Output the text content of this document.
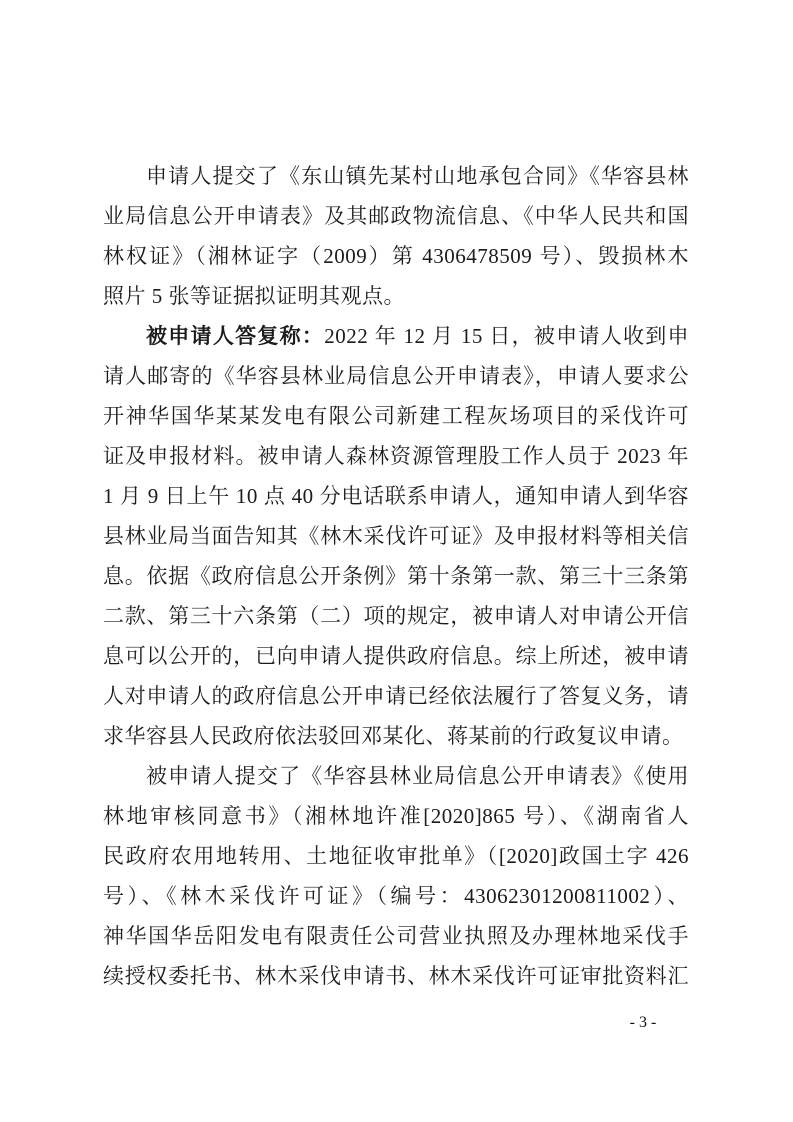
申请人提交了《东山镇先某村山地承包合同》《华容县林
业局信息公开申请表》及其邮政物流信息、《中华人民共和国
林权证》（湘林证字（2009）第 4306478509 号）、毁损林木
照片 5 张等证据拟证明其观点。
被申请人答复称：2022 年 12 月 15 日，被申请人收到申
请人邮寄的《华容县林业局信息公开申请表》，申请人要求公
开神华国华某某发电有限公司新建工程灰场项目的采伐许可
证及申报材料。被申请人森林资源管理股工作人员于 2023 年
1 月 9 日上午 10 点 40 分电话联系申请人，通知申请人到华容
县林业局当面告知其《林木采伐许可证》及申报材料等相关信
息。依据《政府信息公开条例》第十条第一款、第三十三条第
二款、第三十六条第（二）项的规定，被申请人对申请公开信
息可以公开的，已向申请人提供政府信息。综上所述，被申请
人对申请人的政府信息公开申请已经依法履行了答复义务，请
求华容县人民政府依法驳回邓某化、蒋某前的行政复议申请。
被申请人提交了《华容县林业局信息公开申请表》《使用
林地审核同意书》（湘林地许准[2020]865 号）、《湖南省人
民政府农用地转用、土地征收审批单》（[2020]政国土字 426
号）、《林木采伐许可证》（编号：43062301200811002）、
神华国华岳阳发电有限责任公司营业执照及办理林地采伐手
续授权委托书、林木采伐申请书、林木采伐许可证审批资料汇
- 3 -
